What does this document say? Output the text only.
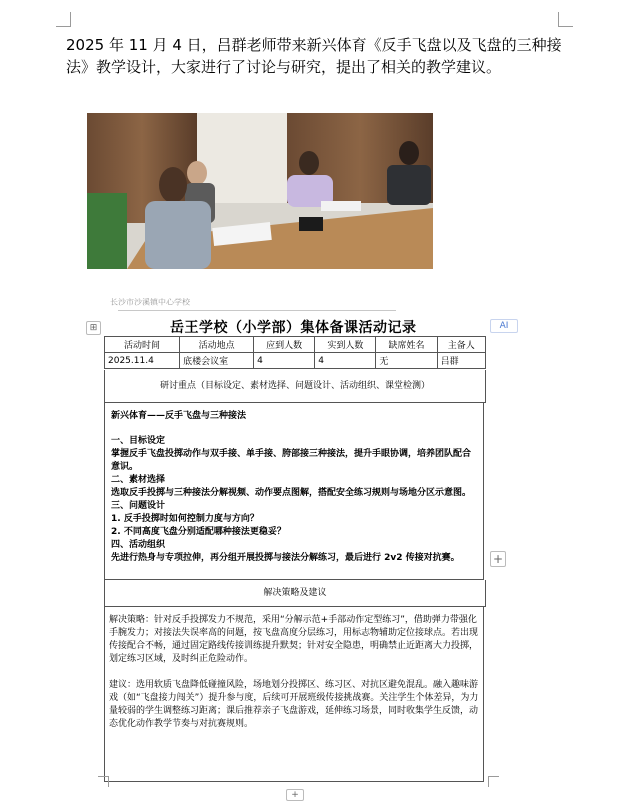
2025 年 11 月 4 日，吕群老师带来新兴体育《反手飞盘以及飞盘的三种接法》教学设计，大家进行了讨论与研究，提出了相关的教学建议。
长沙市沙溪镇中心学校
⊞	AI
+
+
岳王学校（小学部）集体备课活动记录
活动时间	活动地点	应到人数	实到人数	缺席姓名	主备人
2025.11.4	底楼会议室	4	4	无	吕群
研讨重点（目标设定、素材选择、问题设计、活动组织、课堂检测）

新兴体育——反手飞盘与三种接法

一、目标设定

掌握反手飞盘投掷动作与双手接、单手接、胯部接三种接法，提升手眼协调，培养团队配合意识。

二、素材选择

选取反手投掷与三种接法分解视频、动作要点图解，搭配安全练习规则与场地分区示意图。

三、问题设计

1. 反手投掷时如何控制力度与方向？

2. 不同高度飞盘分别适配哪种接法更稳妥？

四、活动组织

先进行热身与专项拉伸，再分组开展投掷与接法分解练习，最后进行 2v2 传接对抗赛。

解决策略及建议

解决策略：针对反手投掷发力不规范，采用“分解示范+手部动作定型练习”，借助弹力带强化手腕发力；对接法失误率高的问题，按飞盘高度分层练习，用标志物辅助定位接球点。若出现传接配合不畅，通过固定路线传接训练提升默契；针对安全隐患，明确禁止近距离大力投掷，划定练习区域，及时纠正危险动作。

建议：选用软质飞盘降低碰撞风险，场地划分投掷区、练习区、对抗区避免混乱。融入趣味游戏（如“飞盘接力闯关”）提升参与度，后续可开展班级传接挑战赛。关注学生个体差异，为力量较弱的学生调整练习距离；课后推荐亲子飞盘游戏，延伸练习场景，同时收集学生反馈，动态优化动作教学节奏与对抗赛规则。
